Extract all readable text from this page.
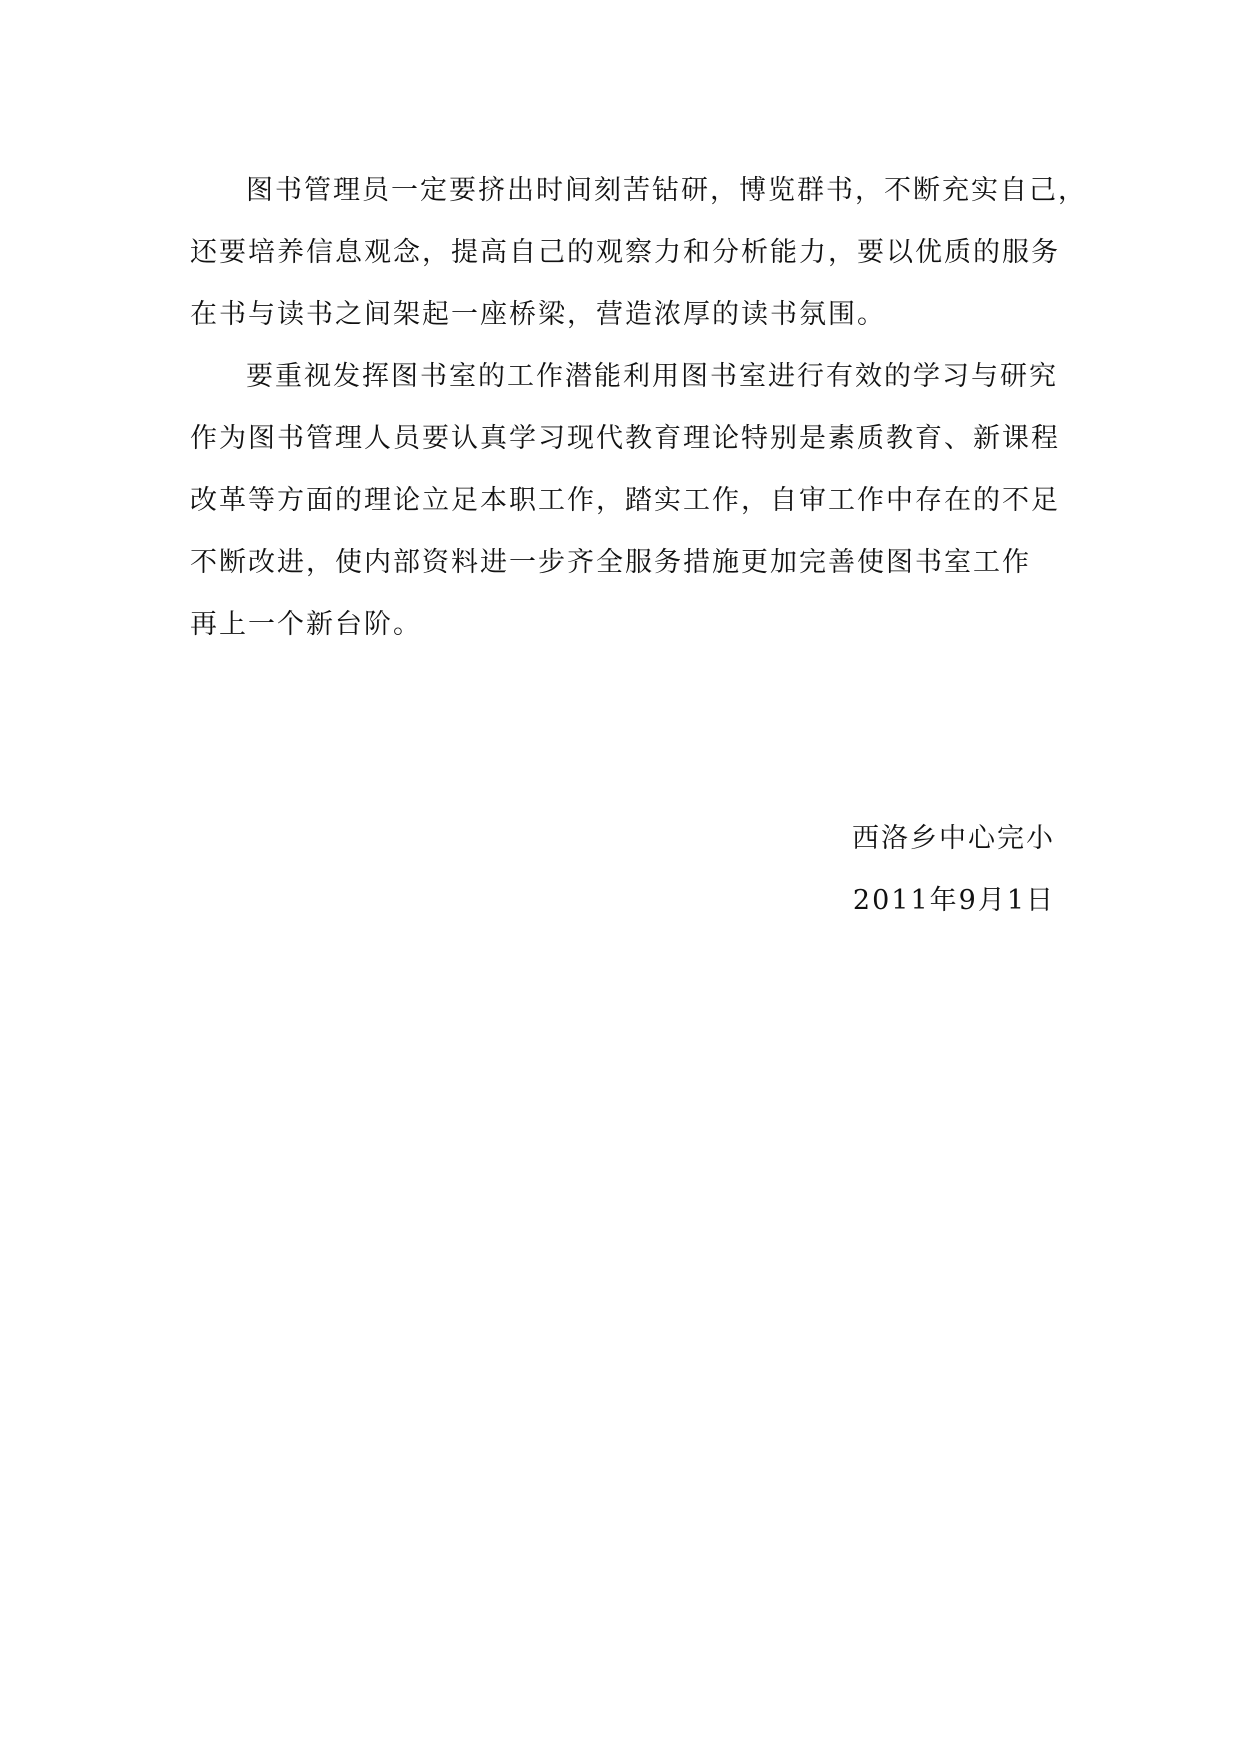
图书管理员一定要挤出时间刻苦钻研，博览群书，不断充实自己，
还要培养信息观念，提高自己的观察力和分析能力，要以优质的服务
在书与读书之间架起一座桥梁，营造浓厚的读书氛围。
要重视发挥图书室的工作潜能利用图书室进行有效的学习与研究
作为图书管理人员要认真学习现代教育理论特别是素质教育、新课程
改革等方面的理论立足本职工作，踏实工作，自审工作中存在的不足
不断改进，使内部资料进一步齐全服务措施更加完善使图书室工作
再上一个新台阶。
西洛乡中心完小
2011年9月1日
